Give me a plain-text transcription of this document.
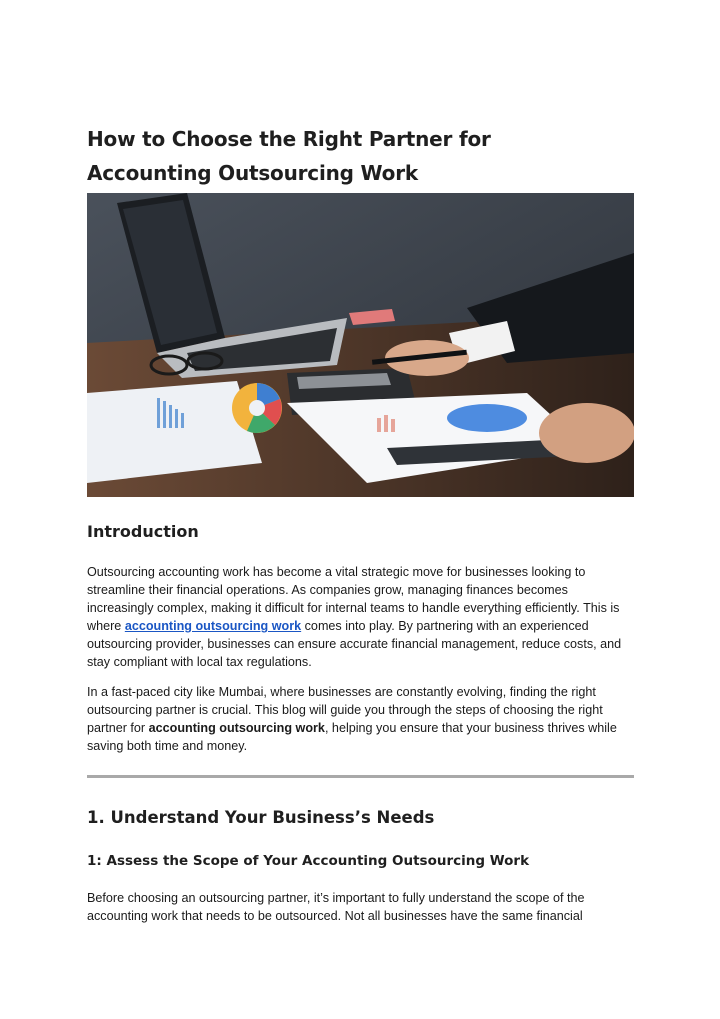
How to Choose the Right Partner for
Accounting Outsourcing Work
Introduction

Outsourcing accounting work has become a vital strategic move for businesses looking to streamline their financial operations. As companies grow, managing finances becomes increasingly complex, making it difficult for internal teams to handle everything efficiently. This is where accounting outsourcing work comes into play. By partnering with an experienced outsourcing provider, businesses can ensure accurate financial management, reduce costs, and stay compliant with local tax regulations.

In a fast-paced city like Mumbai, where businesses are constantly evolving, finding the right outsourcing partner is crucial. This blog will guide you through the steps of choosing the right partner for accounting outsourcing work, helping you ensure that your business thrives while saving both time and money.

1. Understand Your Business’s Needs
1: Assess the Scope of Your Accounting Outsourcing Work

Before choosing an outsourcing partner, it’s important to fully understand the scope of the accounting work that needs to be outsourced. Not all businesses have the same financial
